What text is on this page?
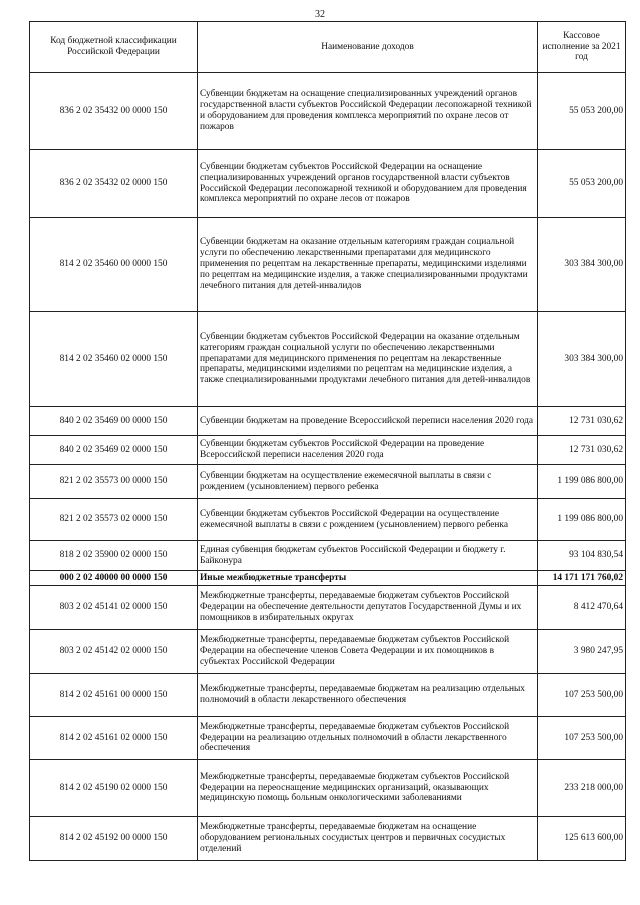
32
Код бюджетной классификации Российской Федерации	Наименование доходов	Кассовое исполнение за 2021 год
836 2 02 35432 00 0000 150	Субвенции бюджетам на оснащение специализированных учреждений органов государственной власти субъектов Российской Федерации лесопожарной техникой и оборудованием для проведения комплекса мероприятий по охране лесов от пожаров	55 053 200,00
836 2 02 35432 02 0000 150	Субвенции бюджетам субъектов Российской Федерации на оснащение специализированных учреждений органов государственной власти субъектов Российской Федерации лесопожарной техникой и оборудованием для проведения комплекса мероприятий по охране лесов от пожаров	55 053 200,00
814 2 02 35460 00 0000 150	Субвенции бюджетам на оказание отдельным категориям граждан социальной услуги по обеспечению лекарственными препаратами для медицинского применения по рецептам на лекарственные препараты, медицинскими изделиями по рецептам на медицинские изделия, а также специализированными продуктами лечебного питания для детей-инвалидов	303 384 300,00
814 2 02 35460 02 0000 150	Субвенции бюджетам субъектов Российской Федерации на оказание отдельным категориям граждан социальной услуги по обеспечению лекарственными препаратами для медицинского применения по рецептам на лекарственные препараты, медицинскими изделиями по рецептам на медицинские изделия, а также специализированными продуктами лечебного питания для детей-инвалидов	303 384 300,00
840 2 02 35469 00 0000 150	Субвенции бюджетам на проведение Всероссийской переписи населения 2020 года	12 731 030,62
840 2 02 35469 02 0000 150	Субвенции бюджетам субъектов Российской Федерации на проведение Всероссийской переписи населения 2020 года	12 731 030,62
821 2 02 35573 00 0000 150	Субвенции бюджетам на осуществление ежемесячной выплаты в связи с рождением (усыновлением) первого ребенка	1 199 086 800,00
821 2 02 35573 02 0000 150	Субвенции бюджетам субъектов Российской Федерации на осуществление ежемесячной выплаты в связи с рождением (усыновлением) первого ребенка	1 199 086 800,00
818 2 02 35900 02 0000 150	Единая субвенция бюджетам субъектов Российской Федерации и бюджету г. Байконура	93 104 830,54
000 2 02 40000 00 0000 150	Иные межбюджетные трансферты	14 171 171 760,02
803 2 02 45141 02 0000 150	Межбюджетные трансферты, передаваемые бюджетам субъектов Российской Федерации на обеспечение деятельности депутатов Государственной Думы и их помощников в избирательных округах	8 412 470,64
803 2 02 45142 02 0000 150	Межбюджетные трансферты, передаваемые бюджетам субъектов Российской Федерации на обеспечение членов Совета Федерации и их помощников в субъектах Российской Федерации	3 980 247,95
814 2 02 45161 00 0000 150	Межбюджетные трансферты, передаваемые бюджетам на реализацию отдельных полномочий в области лекарственного обеспечения	107 253 500,00
814 2 02 45161 02 0000 150	Межбюджетные трансферты, передаваемые бюджетам субъектов Российской Федерации на реализацию отдельных полномочий в области лекарственного обеспечения	107 253 500,00
814 2 02 45190 02 0000 150	Межбюджетные трансферты, передаваемые бюджетам субъектов Российской Федерации на переоснащение медицинских организаций, оказывающих медицинскую помощь больным онкологическими заболеваниями	233 218 000,00
814 2 02 45192 00 0000 150	Межбюджетные трансферты, передаваемые бюджетам на оснащение оборудованием региональных сосудистых центров и первичных сосудистых отделений	125 613 600,00
